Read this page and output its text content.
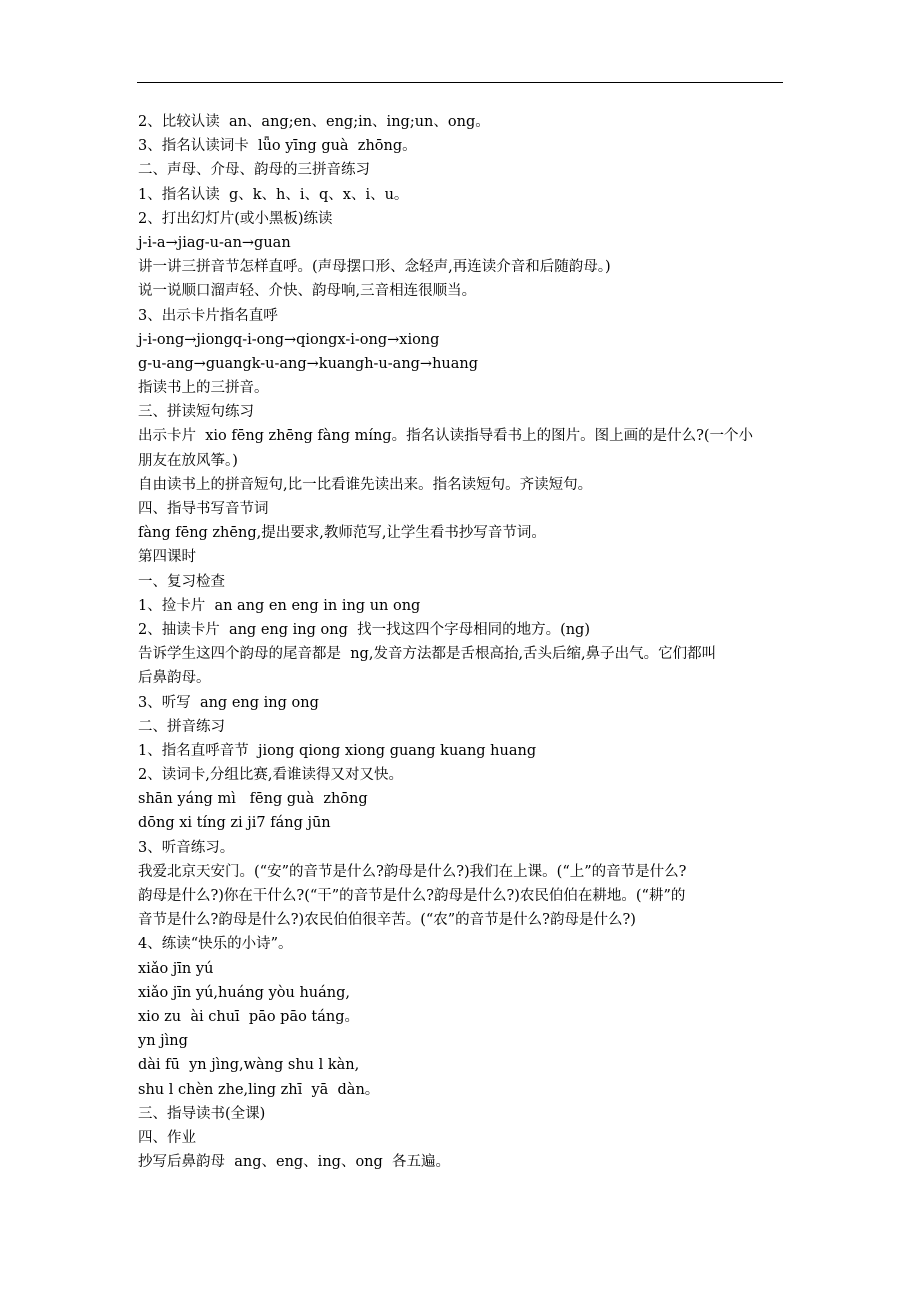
2、比较认读  an、ang;en、eng;in、ing;un、ong。
3、指名认读词卡  lǖo yīng guà  zhōng。
二、声母、介母、韵母的三拼音练习
1、指名认读  g、k、h、i、q、x、i、u。
2、打出幻灯片(或小黑板)练读
j-i-a→jiag-u-an→guan
讲一讲三拼音节怎样直呼。(声母摆口形、念轻声,再连读介音和后随韵母。)
说一说顺口溜声轻、介快、韵母响,三音相连很顺当。
3、出示卡片指名直呼
j-i-ong→jiongq-i-ong→qiongx-i-ong→xiong
g-u-ang→guangk-u-ang→kuangh-u-ang→huang
指读书上的三拼音。
三、拼读短句练习
出示卡片  xio fēng zhēng fàng mínɡ。指名认读指导看书上的图片。图上画的是什么?(一个小
朋友在放风筝。)
自由读书上的拼音短句,比一比看谁先读出来。指名读短句。齐读短句。
四、指导书写音节词
fàng fēng zhēng,提出要求,教师范写,让学生看书抄写音节词。
第四课时
一、复习检查
1、捡卡片  an ang en eng in ing un ong
2、抽读卡片  ang eng ing ong  找一找这四个字母相同的地方。(ng)
告诉学生这四个韵母的尾音都是  ng,发音方法都是舌根高抬,舌头后缩,鼻子出气。它们都叫
后鼻韵母。
3、听写  ang eng ing ong
二、拼音练习
1、指名直呼音节  jiong qiong xiong guang kuang huang
2、读词卡,分组比赛,看谁读得又对又快。
shān yáng mì   fēng guà  zhōng
dōng xi tíng zi ji7 fáng jūn
3、听音练习。
我爱北京天安门。(“安”的音节是什么?韵母是什么?)我们在上课。(“上”的音节是什么?
韵母是什么?)你在干什么?(“干”的音节是什么?韵母是什么?)农民伯伯在耕地。(“耕”的
音节是什么?韵母是什么?)农民伯伯很辛苦。(“农”的音节是什么?韵母是什么?)
4、练读“快乐的小诗”。
xiǎo jīn yú
xiǎo jīn yú,huáng yòu huáng,
xio zu  ài chuī  pāo pāo táng。
yn jìng
dài fū  yn jìng,wàng shu l kàn,
shu l chèn zhe,ling zhī  yā  dàn。
三、指导读书(全课)
四、作业
抄写后鼻韵母  ang、eng、ing、ong  各五遍。
